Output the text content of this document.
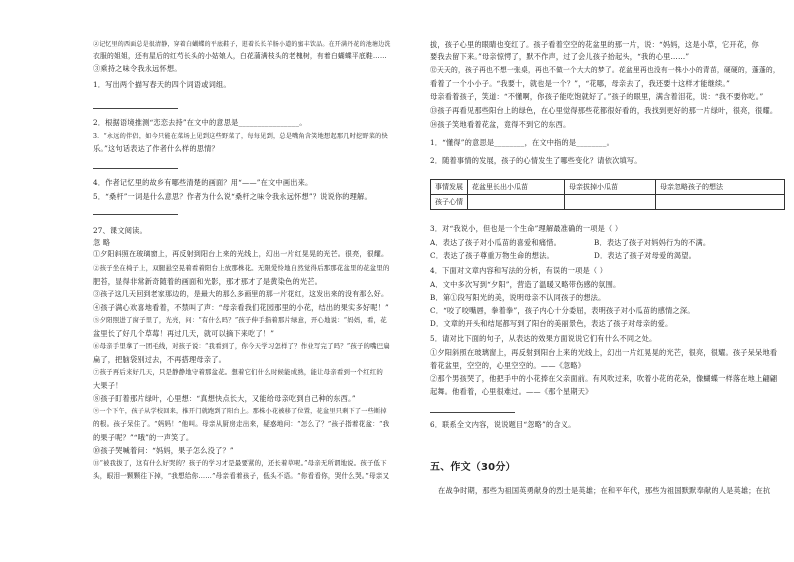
②记忆里的西面总是很清静，穿着白蝴蝶的平底鞋子，逛着长长羊肠小道的蜜丰饮品。在开满丹花的池塘边洗
衣服的姐姐，还有屋后的红芍长头的小姑娘人，白花蒲满枝头的老槐树，有着白蝴蝶平底鞋……
③乘持之味令我永远怀想。
1．写出两个描写春天的四个词语或词组。
2．根据语境推测“恋恋去持”在文中的意思是________________。
3．“永远的伴侣，如今只能在菜场上见到这些野菜了，每每见到，总是嘴角含笑地想起那几时挖野菜的快
乐。”这句话表达了作者什么样的思情？
4．作者记忆里的故乡有哪些清楚的画面？用“——”在文中画出来。
5．“桑杆”一词是什么意思？作者为什么说“桑杆之味令我永远怀想”？说说你的理解。
27、课文阅读。
忽 略
①夕阳斜照在玻璃窗上，再反射到阳台上来的光线上，幻出一片红晃晃的光芒。很亮，很耀。
②孩子坐在椅子上，双腿悬空晃着看着阳台上放那株花。无限爱怜地自然觉得后那那花盆里的花盆里的
肥苔，显得非常新奇随着的画面和光影，那才那才了是黄染色的光芒。
③孩子这几天回到老家那边的，是最大的那么多画里的那一片花红，这发出来的没有那么好。
④孩子满心欢喜地看着，不禁叫了声：“母亲看我们花园那里的小花，结出的果实多好呢！”
⑤夕阳照进了窗子里了，光亮，问：“有什么吗？”孩子伸手指着那片绿意，开心地说：“妈妈，看，花
盆里长了好几个草莓！再过几天，就可以摘下来吃了！”
⑥母亲手里拿了一团毛线，对孩子说：“我看到了，你今天学习怎样了？作业写完了吗？”孩子的嘴巴扁
扁了，把脑袋别过去，不再搭理母亲了。
⑦孩子再后来好几天，只是静静地守着那盆花。想着它们什么时候能成熟，能让母亲看到一个红红的
大果子！
⑧孩子盯着那片绿叶，心里想：“真想快点长大，又能给母亲吃到自己种的东西。”
⑨一个下午，孩子从学校回来，推开门就跑到了阳台上。那株小花被移了位置，花盆里只剩下了一些断掉
的根。孩子呆住了。“妈妈！”他叫。母亲从厨房走出来，疑惑地问：“怎么了？”孩子指着花盆：“我
的果子呢？”“哦”的一声笑了。
⑩孩子哭喊着问：“妈妈，果子怎么没了？”
⑪“被我拔了，这有什么好哭的？孩子的学习才是最要紧的，还长着草呢。”母亲无所谓地说。孩子低下
头，眼泪一颗颗往下掉，“我想给你……”母亲看着孩子，低头不语。“你看看你，哭什么哭。”母亲又
拔，孩子心里的眼睛也变红了。孩子看着空空的花盆里的那一片，说：“妈妈，这是小草，它开花，你
要我去留下来。”母亲惊愕了，默不作声，过了会儿孩子抬起头，“我的心里……”
⑫天天的，孩子再也不想一张桌，再也不做一个大大的梦了。花盆里再也没有一株小小的青苗，硬硬的，蓬蓬的，
看着了一个小小子。“我要十，就也是一个？”，“花哪，母亲去了，我还要十这样才能继续。”
母亲看着孩子，笑道：“不懂啊，你孩子能吃饱就好了。”孩子的眼里，满含着泪花，说：“我不要你吃。”
⑬孩子再看见那些阳台上的绿色，在心里觉得那些花都很好看的，我找到更好的那一片绿叶，很亮，很耀。
⑭孩子笑地看着花盆，竟得不到它的东西。
1．“懂得”的意思是________，在文中指的是________。
2．随着事情的发展，孩子的心情发生了哪些变化？请依次填写。
事情发展	花盆里长出小瓜苗	母亲拔掉小瓜苗	母亲忽略孩子的想法
孩子心情			
3．对“我说小，但也是一个生命”理解最准确的一项是（ ）
A．表达了孩子对小瓜苗的喜爱和痛惜。	B．表达了孩子对妈妈行为的不满。
C．表达了孩子尊重万物生命的想法。	D．表达了孩子对母爱的渴望。
4．下面对文章内容和写法的分析，有误的一项是（ ）
A．文中多次写到“夕阳”，营造了温暖又略带伤感的氛围。
B．第①段写阳光的美，说明母亲不认同孩子的想法。
C．“咬了咬嘴唇，拳着拳”，孩子内心十分委屈，表明孩子对小瓜苗的感情之深。
D．文章的开头和结尾都写到了阳台的美丽景色，表达了孩子对母亲的爱。
5．请对比下面的句子，从表达的效果方面说说它们有什么不同之处。
①夕阳斜照在玻璃窗上，再反射到阳台上来的光线上，幻出一片红晃晃的光芒，很亮，很耀。孩子呆呆地看
着花盆里，空空的，心里空空的。——《忽略》
②那个男孩哭了，他把手中的小花捧在父亲面前。有风吹过来，吹着小花的花朵，像蝴蝶一样落在地上翩翩
起舞。他看着，心里很难过。——《那个星期天》
6．联系全文内容，说说题目“忽略”的含义。
五、作文（30分）
在战争时期，那些为祖国英勇献身的烈士是英雄；在和平年代，那些为祖国默默奉献的人是英雄；在抗
